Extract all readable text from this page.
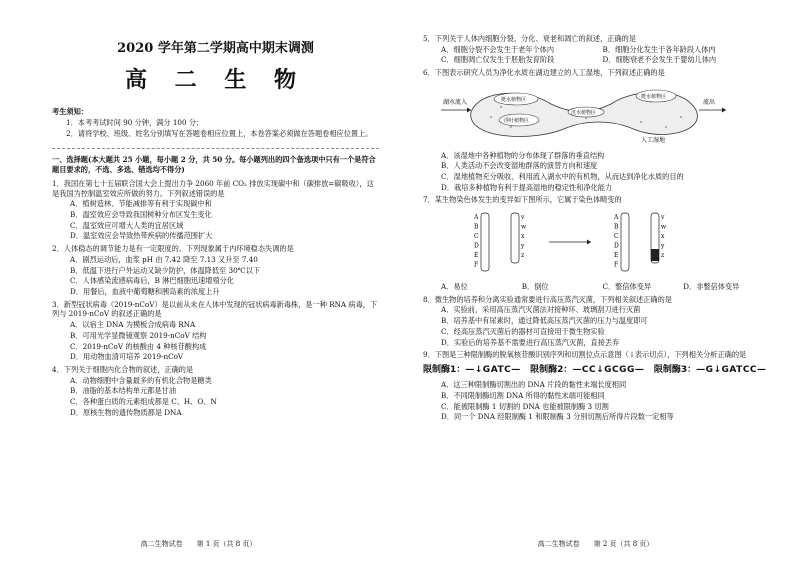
2020 学年第二学期高中期末调测
高 二 生 物
考生须知：

1．本考考试时间 90 分钟，满分 100 分；

2．请将学校、班级、姓名分别填写在答题卷相应位置上，本卷答案必须做在答题卷相应位置上。

一、选择题(本大题共 25 小题，每小题 2 分，共 50 分。每小题列出的四个备选项中只有一个是符合题目要求的，不选、多选、错选均不得分)
1．我国在第七十五届联合国大会上提出力争 2060 年前 CO₂ 排放实现碳中和（碳排放=碳吸收），这是我国为控制温室效应所做的努力。下列叙述错误的是
A．植树造林、节能减排等有利于实现碳中和
B．温室效应会导致我国树种分布区发生变化
C．温室效应可增大人类的宜居区域
D．温室效应会导致热带疾病的传播范围扩大
2．人体稳态的调节能力是有一定限度的。下列现象属于内环境稳态失调的是
A．剧烈运动后，血浆 pH 由 7.42 降至 7.13 又升至 7.40
B．低温下进行户外运动又缺少防护，体温降低至 30℃以下
C．人体感染流感病毒后，B 淋巴细胞迅速增殖分化
D．用餐后，血液中葡萄糖和胰岛素的浓度上升
3．新型冠状病毒（2019-nCoV）是以前从未在人体中发现的冠状病毒新毒株，是一种 RNA 病毒，下列与 2019-nCoV 的叙述正确的是
A．以宿主 DNA 为模板合成病毒 RNA
B．可用光学显微镜观察 2019-nCoV 结构
C．2019-nCoV 的核酸由 4 种核苷酸构成
D．用动物血清可培养 2019-nCoV
4．下列关于细胞内化合物的叙述，正确的是
A．动物细胞中含量最多的有机化合物是糖类
B．油脂的基本结构单元都是甘油
C．各种蛋白质的元素组成都是 C、H、O、N
D．原核生物的遗传物质都是 DNA
高二生物试卷　　第 1 页（共 8 页）
5．下列关于人体内细胞分裂、分化、衰老和凋亡的叙述，正确的是
A．细胞分裂不会发生于老年个体内	B．细胞分化发生于各年龄段人体内
C．细胞凋亡仅发生于胚胎发育阶段	D．细胞衰老不会发生于婴幼儿体内
6．下图表示研究人员为净化水质在湖边建立的人工湿地，下列叙述正确的是
湖水流入	流出
挺水植物区
浮叶植物区
沉水植物区
挺水植物区
人工湿地
A．该湿地中各种植物的分布体现了群落的垂直结构
B．人类活动不会改变湿地群落的演替方向和速度
C．湿地植物充分吸收、利用流入湖水中的有机物，从而达到净化水质的目的
D．栽培多种植物有利于提高湿地的稳定性和净化能力
7．某生物染色体发生的变异如下图所示，它属于染色体畸变的
A
B
C
D
E
F
v
w
x
y
z
A
B
C
D
E
F
v
w
x
y
z
A．易位	B．倒位	C．整倍体变异	D．非整倍体变异
8．微生物的培养和分离实验通常要进行高压蒸汽灭菌，下列相关叙述正确的是
A．实验前，采用高压蒸汽灭菌法对接种环、玻璃刮刀进行灭菌
B．培养基中有尿素时，通过降低高压蒸汽灭菌的压力与温度即可
C．经高压蒸汽灭菌后的器材可直接用于微生物实验
D．实验后的培养基不需要进行高压蒸汽灭菌，直接丢弃
9．下图是三种限制酶的脱氧核苷酸识别序列和切割位点示意图（↓表示切点），下列相关分析正确的是
限制酶1：—↓GATC— 限制酶2：—CC↓GCGG— 限制酶3：—G↓GATCC—
A．这三种限制酶切割出的 DNA 片段的黏性末端长度相同
B．不同限制酶切割 DNA 所得的黏性末端可能相同
C．能被限制酶 1 切割的 DNA 也能被限制酶 3 切割
D．同一个 DNA 经限制酶 1 和限制酶 3 分别切割后所得片段数一定相等
高二生物试卷　　第 2 页（共 8 页）
